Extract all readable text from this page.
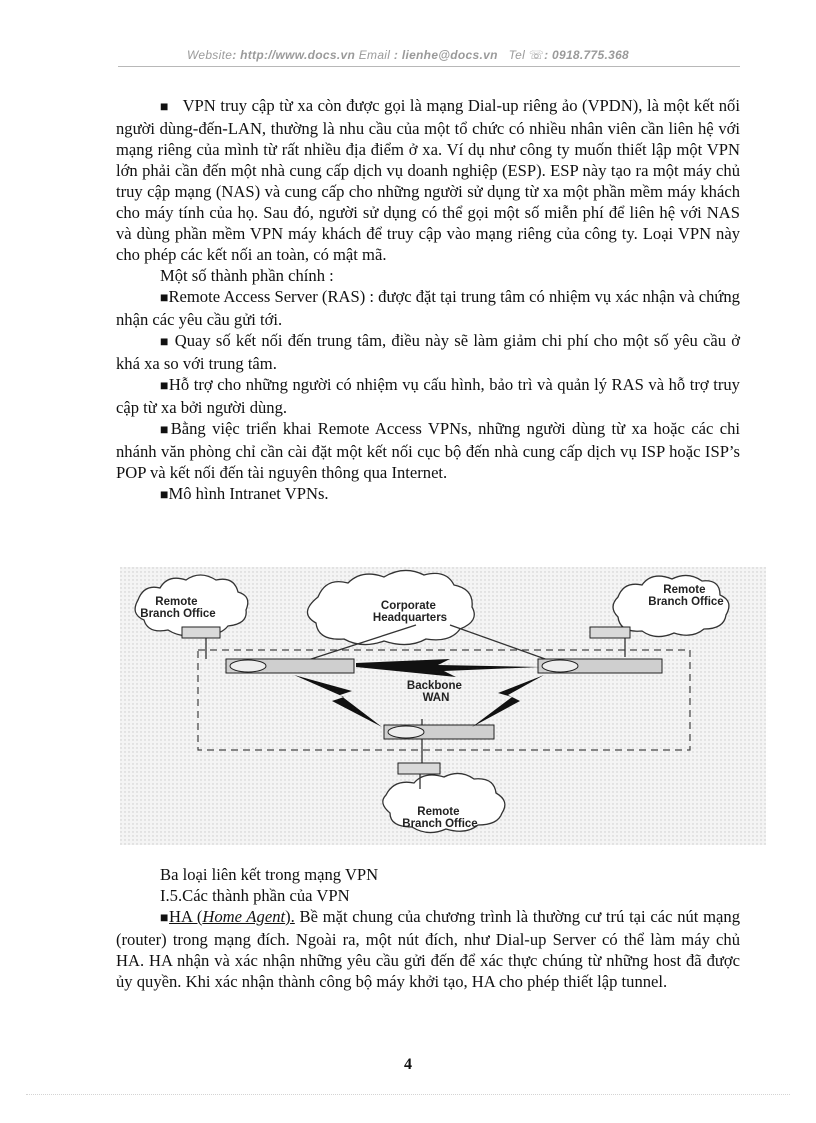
Website: http://www.docs.vn Email : lienhe@docs.vn Tel ☏: 0918.775.368

■ VPN truy cập từ xa còn được gọi là mạng Dial-up riêng ảo (VPDN), là một kết nối người dùng-đến-LAN, thường là nhu cầu của một tổ chức có nhiều nhân viên cần liên hệ với mạng riêng của mình từ rất nhiều địa điểm ở xa. Ví dụ như công ty muốn thiết lập một VPN lớn phải cần đến một nhà cung cấp dịch vụ doanh nghiệp (ESP). ESP này tạo ra một máy chủ truy cập mạng (NAS) và cung cấp cho những người sử dụng từ xa một phần mềm máy khách cho máy tính của họ. Sau đó, người sử dụng có thể gọi một số miễn phí để liên hệ với NAS và dùng phần mềm VPN máy khách để truy cập vào mạng riêng của công ty. Loại VPN này cho phép các kết nối an toàn, có mật mã.

Một số thành phần chính :

■Remote Access Server (RAS) : được đặt tại trung tâm có nhiệm vụ xác nhận và chứng nhận các yêu cầu gửi tới.

■ Quay số kết nối đến trung tâm, điều này sẽ làm giảm chi phí cho một số yêu cầu ở khá xa so với trung tâm.

■Hỗ trợ cho những người có nhiệm vụ cấu hình, bảo trì và quản lý RAS và hỗ trợ truy cập từ xa bởi người dùng.

■Bằng việc triển khai Remote Access VPNs, những người dùng từ xa hoặc các chi nhánh văn phòng chỉ cần cài đặt một kết nối cục bộ đến nhà cung cấp dịch vụ ISP hoặc ISP’s POP và kết nối đến tài nguyên thông qua Internet.

■Mô hình Intranet VPNs.

Remote Branch Office
Corporate Headquarters
Remote Branch Office
Backbone WAN
Remote Branch Office

Ba loại liên kết trong mạng VPN

I.5.Các thành phần của VPN

■HA (Home Agent). Bề mặt chung của chương trình là thường cư trú tại các nút mạng (router) trong mạng đích. Ngoài ra, một nút đích, như Dial-up Server có thể làm máy chủ HA. HA nhận và xác nhận những yêu cầu gửi đến để xác thực chúng từ những host đã được ủy quyền. Khi xác nhận thành công bộ máy khởi tạo, HA cho phép thiết lập tunnel.

4
